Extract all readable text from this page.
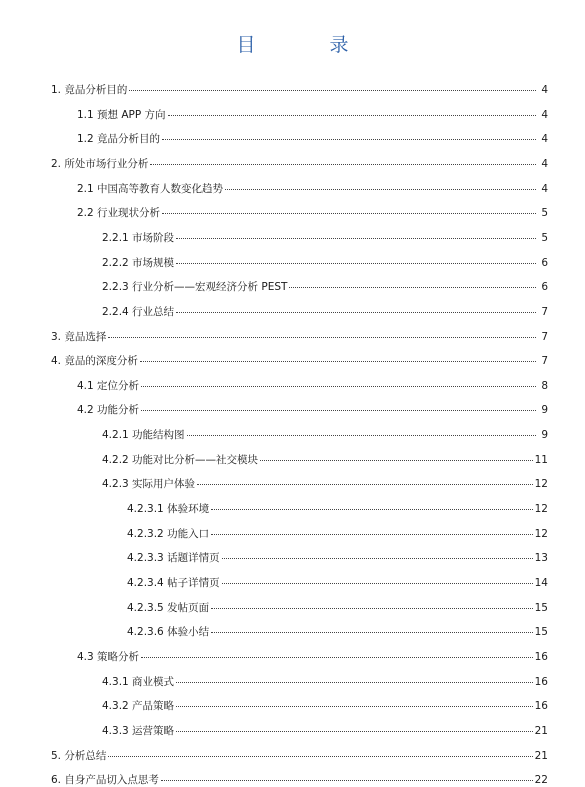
目 录
1. 竟品分析目的	4
1.1 预想 APP 方向	4
1.2 竟品分析目的	4
2. 所处市场行业分析	4
2.1 中国高等教育人数变化趋势	4
2.2 行业现状分析	5
2.2.1 市场阶段	5
2.2.2 市场规模	6
2.2.3 行业分析——宏观经济分析 PEST	6
2.2.4 行业总结	7
3. 竟品选择	7
4. 竟品的深度分析	7
4.1 定位分析	8
4.2 功能分析	9
4.2.1 功能结构图	9
4.2.2 功能对比分析——社交模块	11
4.2.3 实际用户体验	12
4.2.3.1 体验环境	12
4.2.3.2 功能入口	12
4.2.3.3 话题详情页	13
4.2.3.4 帖子详情页	14
4.2.3.5 发帖页面	15
4.2.3.6 体验小结	15
4.3 策略分析	16
4.3.1 商业模式	16
4.3.2 产品策略	16
4.3.3 运营策略	21
5. 分析总结	21
6. 自身产品切入点思考	22
